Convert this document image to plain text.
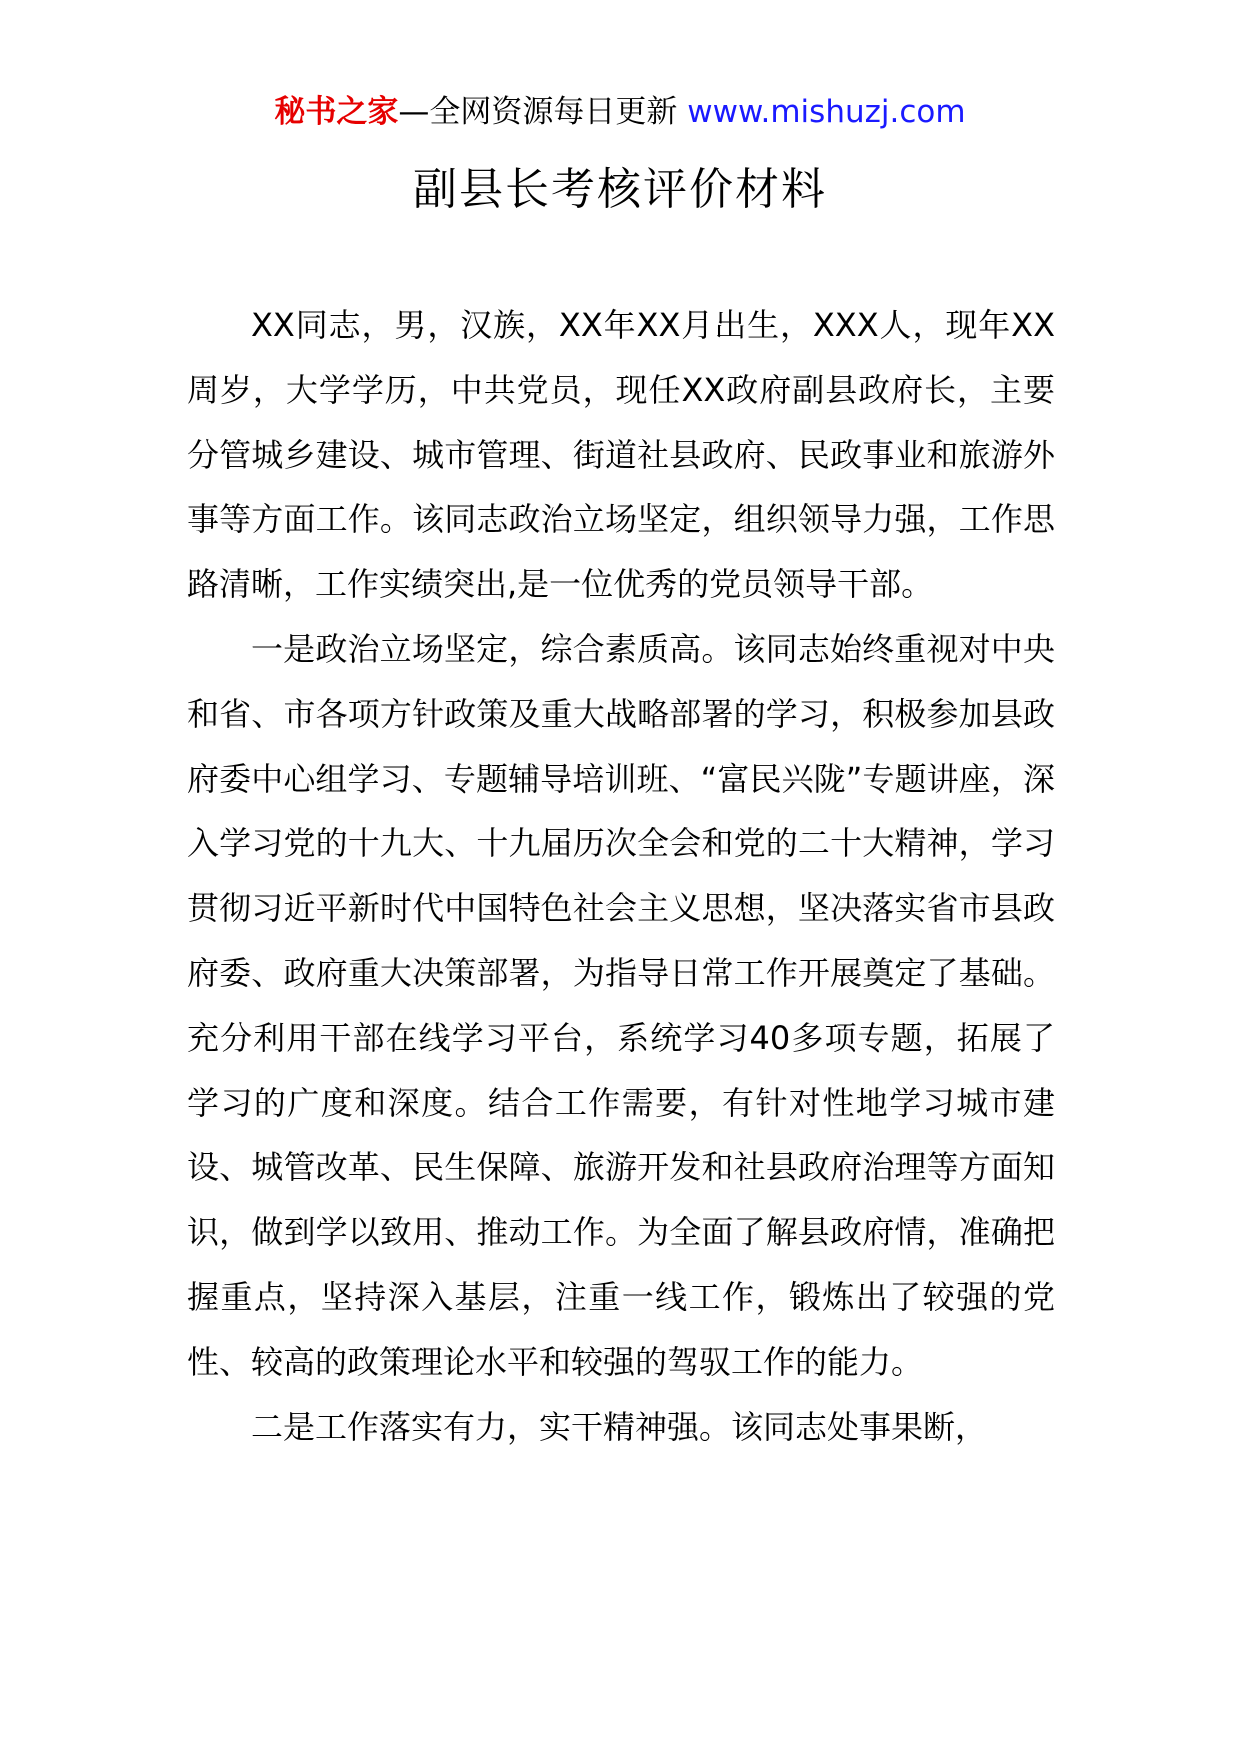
秘书之家—全网资源每日更新 www.mishuzj.com
副县长考核评价材料

XX同志，男，汉族，XX年XX月出生，XXX人，现年XX周岁，大学学历，中共党员，现任XX政府副县政府长，主要分管城乡建设、城市管理、街道社县政府、民政事业和旅游外事等方面工作。该同志政治立场坚定，组织领导力强，工作思路清晰，工作实绩突出,是一位优秀的党员领导干部。

一是政治立场坚定，综合素质高。该同志始终重视对中央和省、市各项方针政策及重大战略部署的学习，积极参加县政府委中心组学习、专题辅导培训班、“富民兴陇”专题讲座，深入学习党的十九大、十九届历次全会和党的二十大精神，学习贯彻习近平新时代中国特色社会主义思想，坚决落实省市县政府委、政府重大决策部署，为指导日常工作开展奠定了基础。充分利用干部在线学习平台，系统学习40多项专题，拓展了学习的广度和深度。结合工作需要，有针对性地学习城市建设、城管改革、民生保障、旅游开发和社县政府治理等方面知识，做到学以致用、推动工作。为全面了解县政府情，准确把握重点，坚持深入基层，注重一线工作，锻炼出了较强的党性、较高的政策理论水平和较强的驾驭工作的能力。

二是工作落实有力，实干精神强。该同志处事果断，
